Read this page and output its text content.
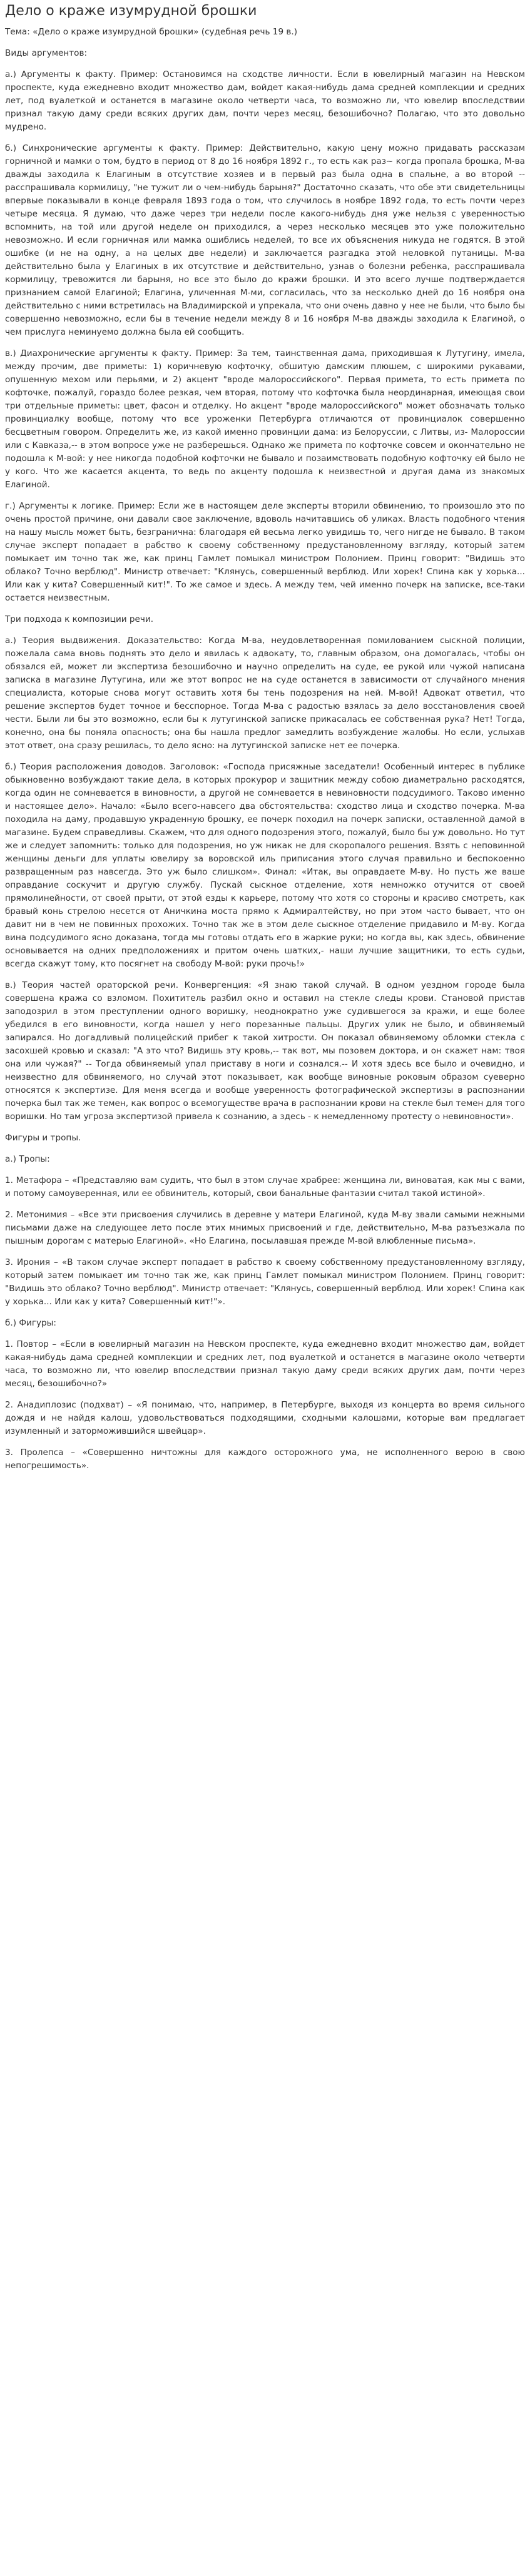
Дело о краже изумрудной брошки

Тема: «Дело о краже изумрудной брошки» (судебная речь 19 в.)

Виды аргументов:

а.) Аргументы к факту. Пример: Остановимся на сходстве личности. Если в ювелирный магазин на Невском проспекте, куда ежедневно входит множество дам, войдет какая-нибудь дама средней комплекции и средних лет, под вуалеткой и останется в магазине около четверти часа, то возможно ли, что ювелир впоследствии признал такую даму среди всяких других дам, почти через месяц, безошибочно? Полагаю, что это довольно мудрено.

б.) Синхронические аргументы к факту. Пример: Действительно, какую цену можно придавать рассказам горничной и мамки о том, будто в период от 8 до 16 ноября 1892 г., то есть как раз~ когда пропала брошка, М-ва дважды заходила к Елагиным в отсутствие хозяев и в первый раз была одна в спальне, а во второй -- расспрашивала кормилицу, "не тужит ли о чем-нибудь барыня?" Достаточно сказать, что обе эти свидетельницы впервые показывали в конце февраля 1893 года о том, что случилось в ноябре 1892 года, то есть почти через четыре месяца. Я думаю, что даже через три недели после какого-нибудь дня уже нельзя с уверенностью вспомнить, на той или другой неделе он приходился, а через несколько месяцев это уже положительно невозможно. И если горничная или мамка ошиблись неделей, то все их объяснения никуда не годятся. В этой ошибке (и не на одну, а на целых две недели) и заключается разгадка этой неловкой путаницы. М-ва действительно была у Елагиных в их отсутствие и действительно, узнав о болезни ребенка, расспрашивала кормилицу, тревожится ли барыня, но все это было до кражи брошки. И это всего лучше подтверждается признанием самой Елагиной; Елагина, уличенная М-ми, согласилась, что за несколько дней до 16 ноября она действительно с ними встретилась на Владимирской и упрекала, что они очень давно у нее не были, что было бы совершенно невозможно, если бы в течение недели между 8 и 16 ноября М-ва дважды заходила к Елагиной, о чем прислуга неминуемо должна была ей сообщить.

в.) Диахронические аргументы к факту. Пример: За тем, таинственная дама, приходившая к Лутугину, имела, между прочим, две приметы: 1) коричневую кофточку, обшитую дамским плюшем, с широкими рукавами, опушенную мехом или перьями, и 2) акцент "вроде малороссийского". Первая примета, то есть примета по кофточке, пожалуй, гораздо более резкая, чем вторая, потому что кофточка была неординарная, имеющая свои три отдельные приметы: цвет, фасон и отделку. Но акцент "вроде малороссийского" может обозначать только провинциалку вообще, потому что все уроженки Петербурга отличаются от провинциалок совершенно бесцветным говором. Определить же, из какой именно провинции дама: из Белоруссии, с Литвы, из- Малороссии или с Кавказа,-- в этом вопросе уже не разберешься. Однако же примета по кофточке совсем и окончательно не подошла к М-вой: у нее никогда подобной кофточки не бывало и позаимствовать подобную кофточку ей было не у кого. Что же касается акцента, то ведь по акценту подошла к неизвестной и другая дама из знакомых Елагиной.

г.) Аргументы к логике. Пример: Если же в настоящем деле эксперты вторили обвинению, то произошло это по очень простой причине, они давали свое заключение, вдоволь начитавшись об уликах. Власть подобного чтения на нашу мысль может быть, безграничнa: благодаря ей весьма легко увидишь то, чего нигде не бывало. В таком случае эксперт попадает в рабство к своему собственному предустановленному взгляду, который затем помыкает им точно так же, как принц Гамлет помыкал министром Полонием. Принц говорит: "Видишь это облако? Точно верблюд". Министр отвечает: "Клянусь, совершенный верблюд. Или хорек! Спина как у хорька... Или как у кита? Совершенный кит!". То же самое и здесь. А между тем, чей именно почерк на записке, все-таки остается неизвестным.

Три подхода к композиции речи.

а.) Теория выдвижения. Доказательство: Когда М-ва, неудовлетворенная помилованием сыскной полиции, пожелала сама вновь поднять это дело и явилась к адвокату, то, главным образом, она домогалась, чтобы он обязался ей, может ли экспертиза безошибочно и научно определить на суде, ее рукой или чужой написана записка в магазине Лутугина, или же этот вопрос не на суде останется в зависимости от случайного мнения специалиста, которые снова могут оставить хотя бы тень подозрения на ней. М-вой! Адвокат ответил, что решение экспертов будет точное и бесспорное. Тогда М-ва с радостью взялась за дело восстановления своей чести. Были ли бы это возможно, если бы к лутугинской записке прикасалась ее собственная рука? Нет! Тогда, конечно, она бы поняла опасность; она бы нашла предлог замедлить возбуждение жалобы. Но если, услыхав этот ответ, она сразу решилась, то дело ясно: на лутугинской записке нет ее почерка.

б.) Теория расположения доводов. Заголовок: «Господа присяжные заседатели! Особенный интерес в публике обыкновенно возбуждают такие дела, в которых прокурор и защитник между собою диаметрально расходятся, когда один не сомневается в виновности, а другой не сомневается в невиновности подсудимого. Таково именно и настоящее дело». Начало: «Было всего-навсего два обстоятельства: сходство лица и сходство почерка. М-ва походила на даму, продавшую украденную брошку, ее почерк походил на почерк записки, оставленной дамой в магазине. Будем справедливы. Скажем, что для одного подозрения этого, пожалуй, было бы уж довольно. Но тут же и следует запомнить: только для подозрения, но уж никак не для скоропалого решения. Взять с неповинной женщины деньги для уплаты ювелиру за воровской иль приписания этого случая правильно и беспокоенно развращенным раз навсегда. Это уж было слишком». Финал: «Итак, вы оправдаете М-ву. Но пусть же ваше оправдание соскучит и другую службу. Пускай сыскное отделение, хотя немножко отучится от своей прямолинейности, от своей прыти, от этой езды к карьере, потому что хотя со стороны и красиво смотреть, как бравый конь стрелою несется от Аничкина моста прямо к Адмиралтейству, но при этом часто бывает, что он давит ни в чем не повинных прохожих. Точно так же в этом деле сыскное отделение придавило и М-ву. Когда вина подсудимого ясно доказана, тогда мы готовы отдать его в жаркие руки; но когда вы, как здесь, обвинение основывается на одних предположениях и притом очень шатких,- наши лучшие защитники, то есть судьи, всегда скажут тому, кто посягнет на свободу М-вой: руки прочь!»

в.) Теория частей ораторской речи. Конвергенция: «Я знаю такой случай. В одном уездном городе была совершена кража со взломом. Похититель разбил окно и оставил на стекле следы крови. Становой пристав заподозрил в этом преступлении одного воришку, неоднократно уже судившегося за кражи, и еще более убедился в его виновности, когда нашел у него порезанные пальцы. Других улик не было, и обвиняемый запирался. Но догадливый полицейский прибег к такой хитрости. Он показал обвиняемому обломки стекла с засохшей кровью и сказал: "А это что? Видишь эту кровь,-- так вот, мы позовем доктора, и он скажет нам: твоя она или чужая?" -- Тогда обвиняемый упал приставу в ноги и сознался.-- И хотя здесь все было и очевидно, и неизвестно для обвиняемого, но случай этот показывает, как вообще виновные роковым образом суеверно относятся к экспертизе. Для меня всегда и вообще уверенность фотографической экспертизы в распознании почерка был так же темен, как вопрос о всемогуществе врача в распознании крови на стекле был темен для того воришки. Но там угроза экспертизой привела к сознанию, а здесь - к немедленному протесту о невиновности».

Фигуры и тропы.

а.) Тропы:

1. Метафора – «Представляю вам судить, что был в этом случае храбрее: женщина ли, виноватая, как мы с вами, и потому самоуверенная, или ее обвинитель, который, свои банальные фантазии считал такой истиной».

2. Метонимия – «Все эти присвоения случились в деревне у матери Елагиной, куда М-ву звали самыми нежными письмами даже на следующее лето после этих мнимых присвоений и где, действительно, М-ва разъезжала по пышным дорогам с матерью Елагиной». «Но Елагина, посылавшая прежде М-вой влюбленные письма».

3. Ирония – «В таком случае эксперт попадает в рабство к своему собственному предустановленному взгляду, который затем помыкает им точно так же, как принц Гамлет помыкал министром Полонием. Принц говорит: "Видишь это облако? Точно верблюд". Министр отвечает: "Клянусь, совершенный верблюд. Или хорек! Спина как у хорька... Или как у кита? Совершенный кит!"».

б.) Фигуры:

1. Повтор – «Если в ювелирный магазин на Невском проспекте, куда ежедневно входит множество дам, войдет какая-нибудь дама средней комплекции и средних лет, под вуалеткой и останется в магазине около четверти часа, то возможно ли, что ювелир впоследствии признал такую даму среди всяких других дам, почти через месяц, безошибочно?»

2. Анадиплозис (подхват) – «Я понимаю, что, например, в Петербурге, выходя из концерта во время сильного дождя и не найдя калош, удовольствоваться подходящими, сходными калошами, которые вам предлагает изумленный и заторможившийся швейцар».

3. Пролепса – «Совершенно ничтожны для каждого осторожного ума, не исполненного верою в свою непогрешимость».
